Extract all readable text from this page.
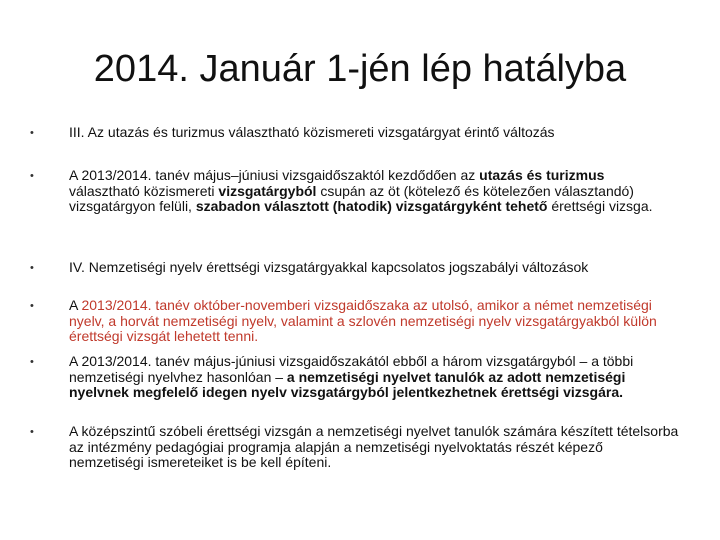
2014. Január 1-jén lép hatályba
•	III. Az utazás és turizmus választható közismereti vizsgatárgyat érintő változás
•	A 2013/2014. tanév május–júniusi vizsgaidőszaktól kezdődően az utazás és turizmus választható közismereti vizsgatárgyból csupán az öt (kötelező és kötelezően választandó) vizsgatárgyon felüli, szabadon választott (hatodik) vizsgatárgyként tehető érettségi vizsga.
•	IV. Nemzetiségi nyelv érettségi vizsgatárgyakkal kapcsolatos jogszabályi változások
•	A 2013/2014. tanév október-novemberi vizsgaidőszaka az utolsó, amikor a német nemzetiségi nyelv, a horvát nemzetiségi nyelv, valamint a szlovén nemzetiségi nyelv vizsgatárgyakból külön érettségi vizsgát lehetett tenni.
•	A 2013/2014. tanév május-júniusi vizsgaidőszakától ebből a három vizsgatárgyból – a többi nemzetiségi nyelvhez hasonlóan – a nemzetiségi nyelvet tanulók az adott nemzetiségi nyelvnek megfelelő idegen nyelv vizsgatárgyból jelentkezhetnek érettségi vizsgára.
•	A középszintű szóbeli érettségi vizsgán a nemzetiségi nyelvet tanulók számára készített tételsorba az intézmény pedagógiai programja alapján a nemzetiségi nyelvoktatás részét képező nemzetiségi ismereteiket is be kell építeni.
